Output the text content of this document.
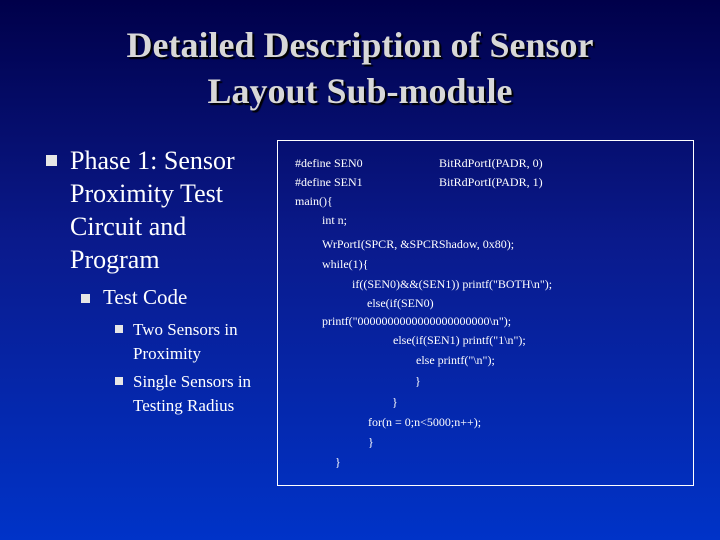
Detailed Description of Sensor
Layout Sub-module
Phase 1: Sensor Proximity Test Circuit and Program
Test Code
Two Sensors in Proximity
Single Sensors in Testing Radius
#define SEN0	BitRdPortI(PADR, 0)
#define SEN1	BitRdPortI(PADR, 1)
main(){
int n;
WrPortI(SPCR, &SPCRShadow, 0x80);
while(1){
if((SEN0)&&(SEN1)) printf("BOTH\n");
else(if(SEN0)
printf("0000000000000000000000\n");
else(if(SEN1) printf("1\n");
else printf("\n");
}
}
for(n = 0;n<5000;n++);
}
}
